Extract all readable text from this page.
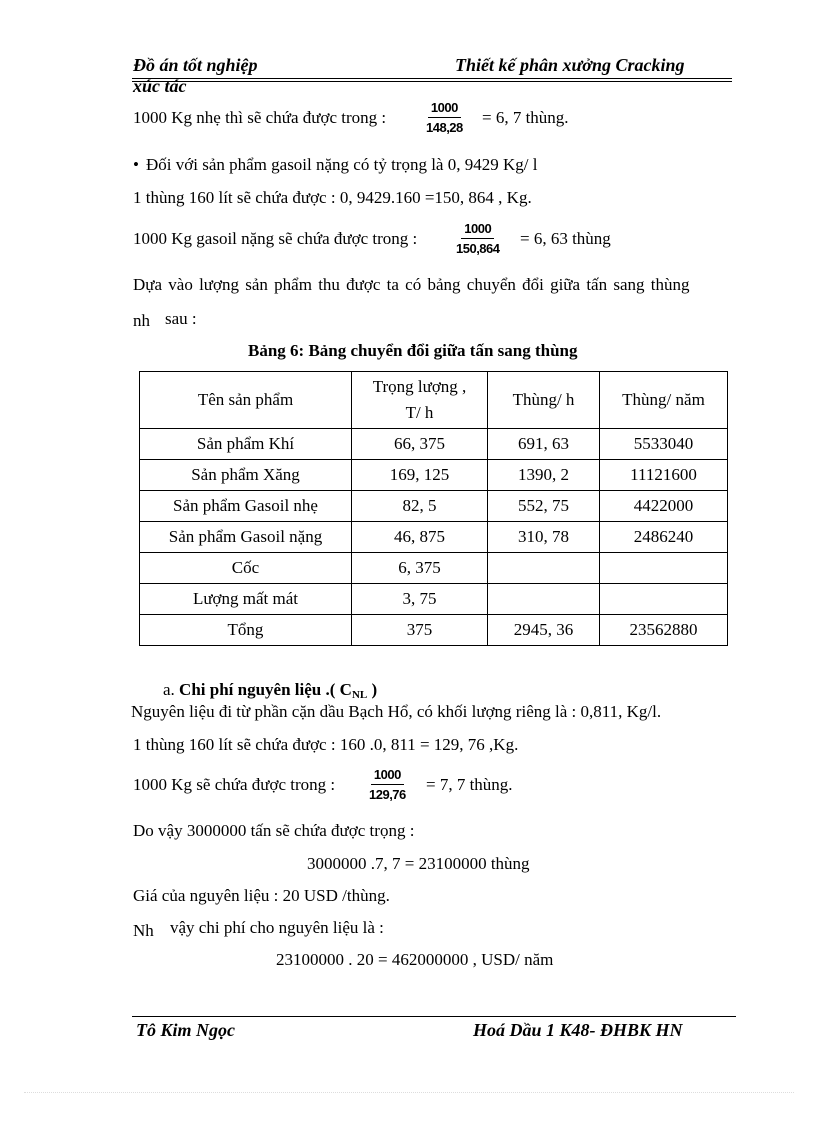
Đồ án tốt nghiệp	Thiết kế phân xưởng Cracking
xúc tác
1000 Kg nhẹ thì sẽ chứa được trong :	$\frac{1000}{148,28} = 6$, 7 thùng.
• Đối với sản phẩm gasoil nặng có tỷ trọng là 0, 9429 Kg/ l
1 thùng 160 lít sẽ chứa được : 0, 9429.160 =150, 864 , Kg.
1000 Kg gasoil nặng sẽ chứa được trong :	$\frac{1000}{150,864} = 6$, 63 thùng
Dựa vào lượng sản phẩm thu được ta có bảng chuyển đổi giữa tấn sang thùng
nh sau :
Bảng 6: Bảng chuyển đổi giữa tấn sang thùng
Tên sản phẩm	Trọng lượng ,
T/ h	Thùng/ h	Thùng/ năm
Sản phẩm Khí	66, 375	691, 63	5533040
Sản phẩm Xăng	169, 125	1390, 2	11121600
Sản phẩm Gasoil nhẹ	82, 5	552, 75	4422000
Sản phẩm Gasoil nặng	46, 875	310, 78	2486240
Cốc	6, 375		
Lượng mất mát	3, 75		
Tổng	375	2945, 36	23562880
a. Chi phí nguyên liệu .( $C_{NL}$ )
Nguyên liệu đi từ phần cặn dầu Bạch Hổ, có khối lượng riêng là : 0,811, Kg/l.
1 thùng 160 lít sẽ chứa được : 160 .0, 811 = 129, 76 ,Kg.
1000 Kg sẽ chứa được trong : $\frac{1000}{129,76} = 7$, 7 thùng.
Do vậy 3000000 tấn sẽ chứa được trọng :
3000000 .7, 7 = 23100000 thùng
Giá của nguyên liệu : 20 USD /thùng.
Nh vậy chi phí cho nguyên liệu là :
23100000 . 20 = 462000000 , USD/ năm
Tô Kim Ngọc	Hoá Dầu 1 K48- ĐHBK HN
